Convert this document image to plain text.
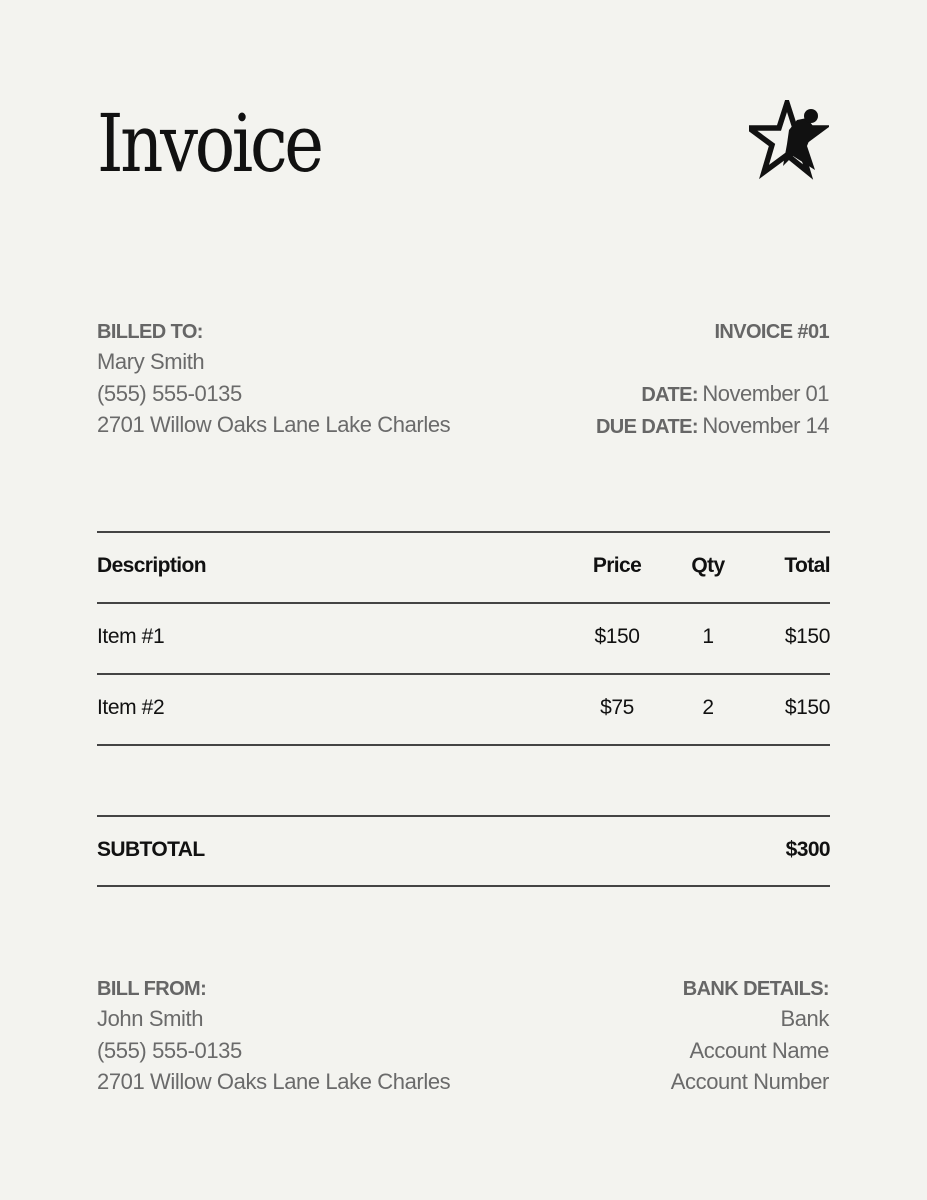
Invoice
BILLED TO:
Mary Smith
(555) 555-0135
2701 Willow Oaks Lane Lake Charles
INVOICE #01
DATE: November 01
DUE DATE: November 14
Description	Price	Qty	Total
Item #1	$150	1	$150
Item #2	$75	2	$150
SUBTOTAL	$300
BILL FROM:
John Smith
(555) 555-0135
2701 Willow Oaks Lane Lake Charles
BANK DETAILS:
Bank
Account Name
Account Number
